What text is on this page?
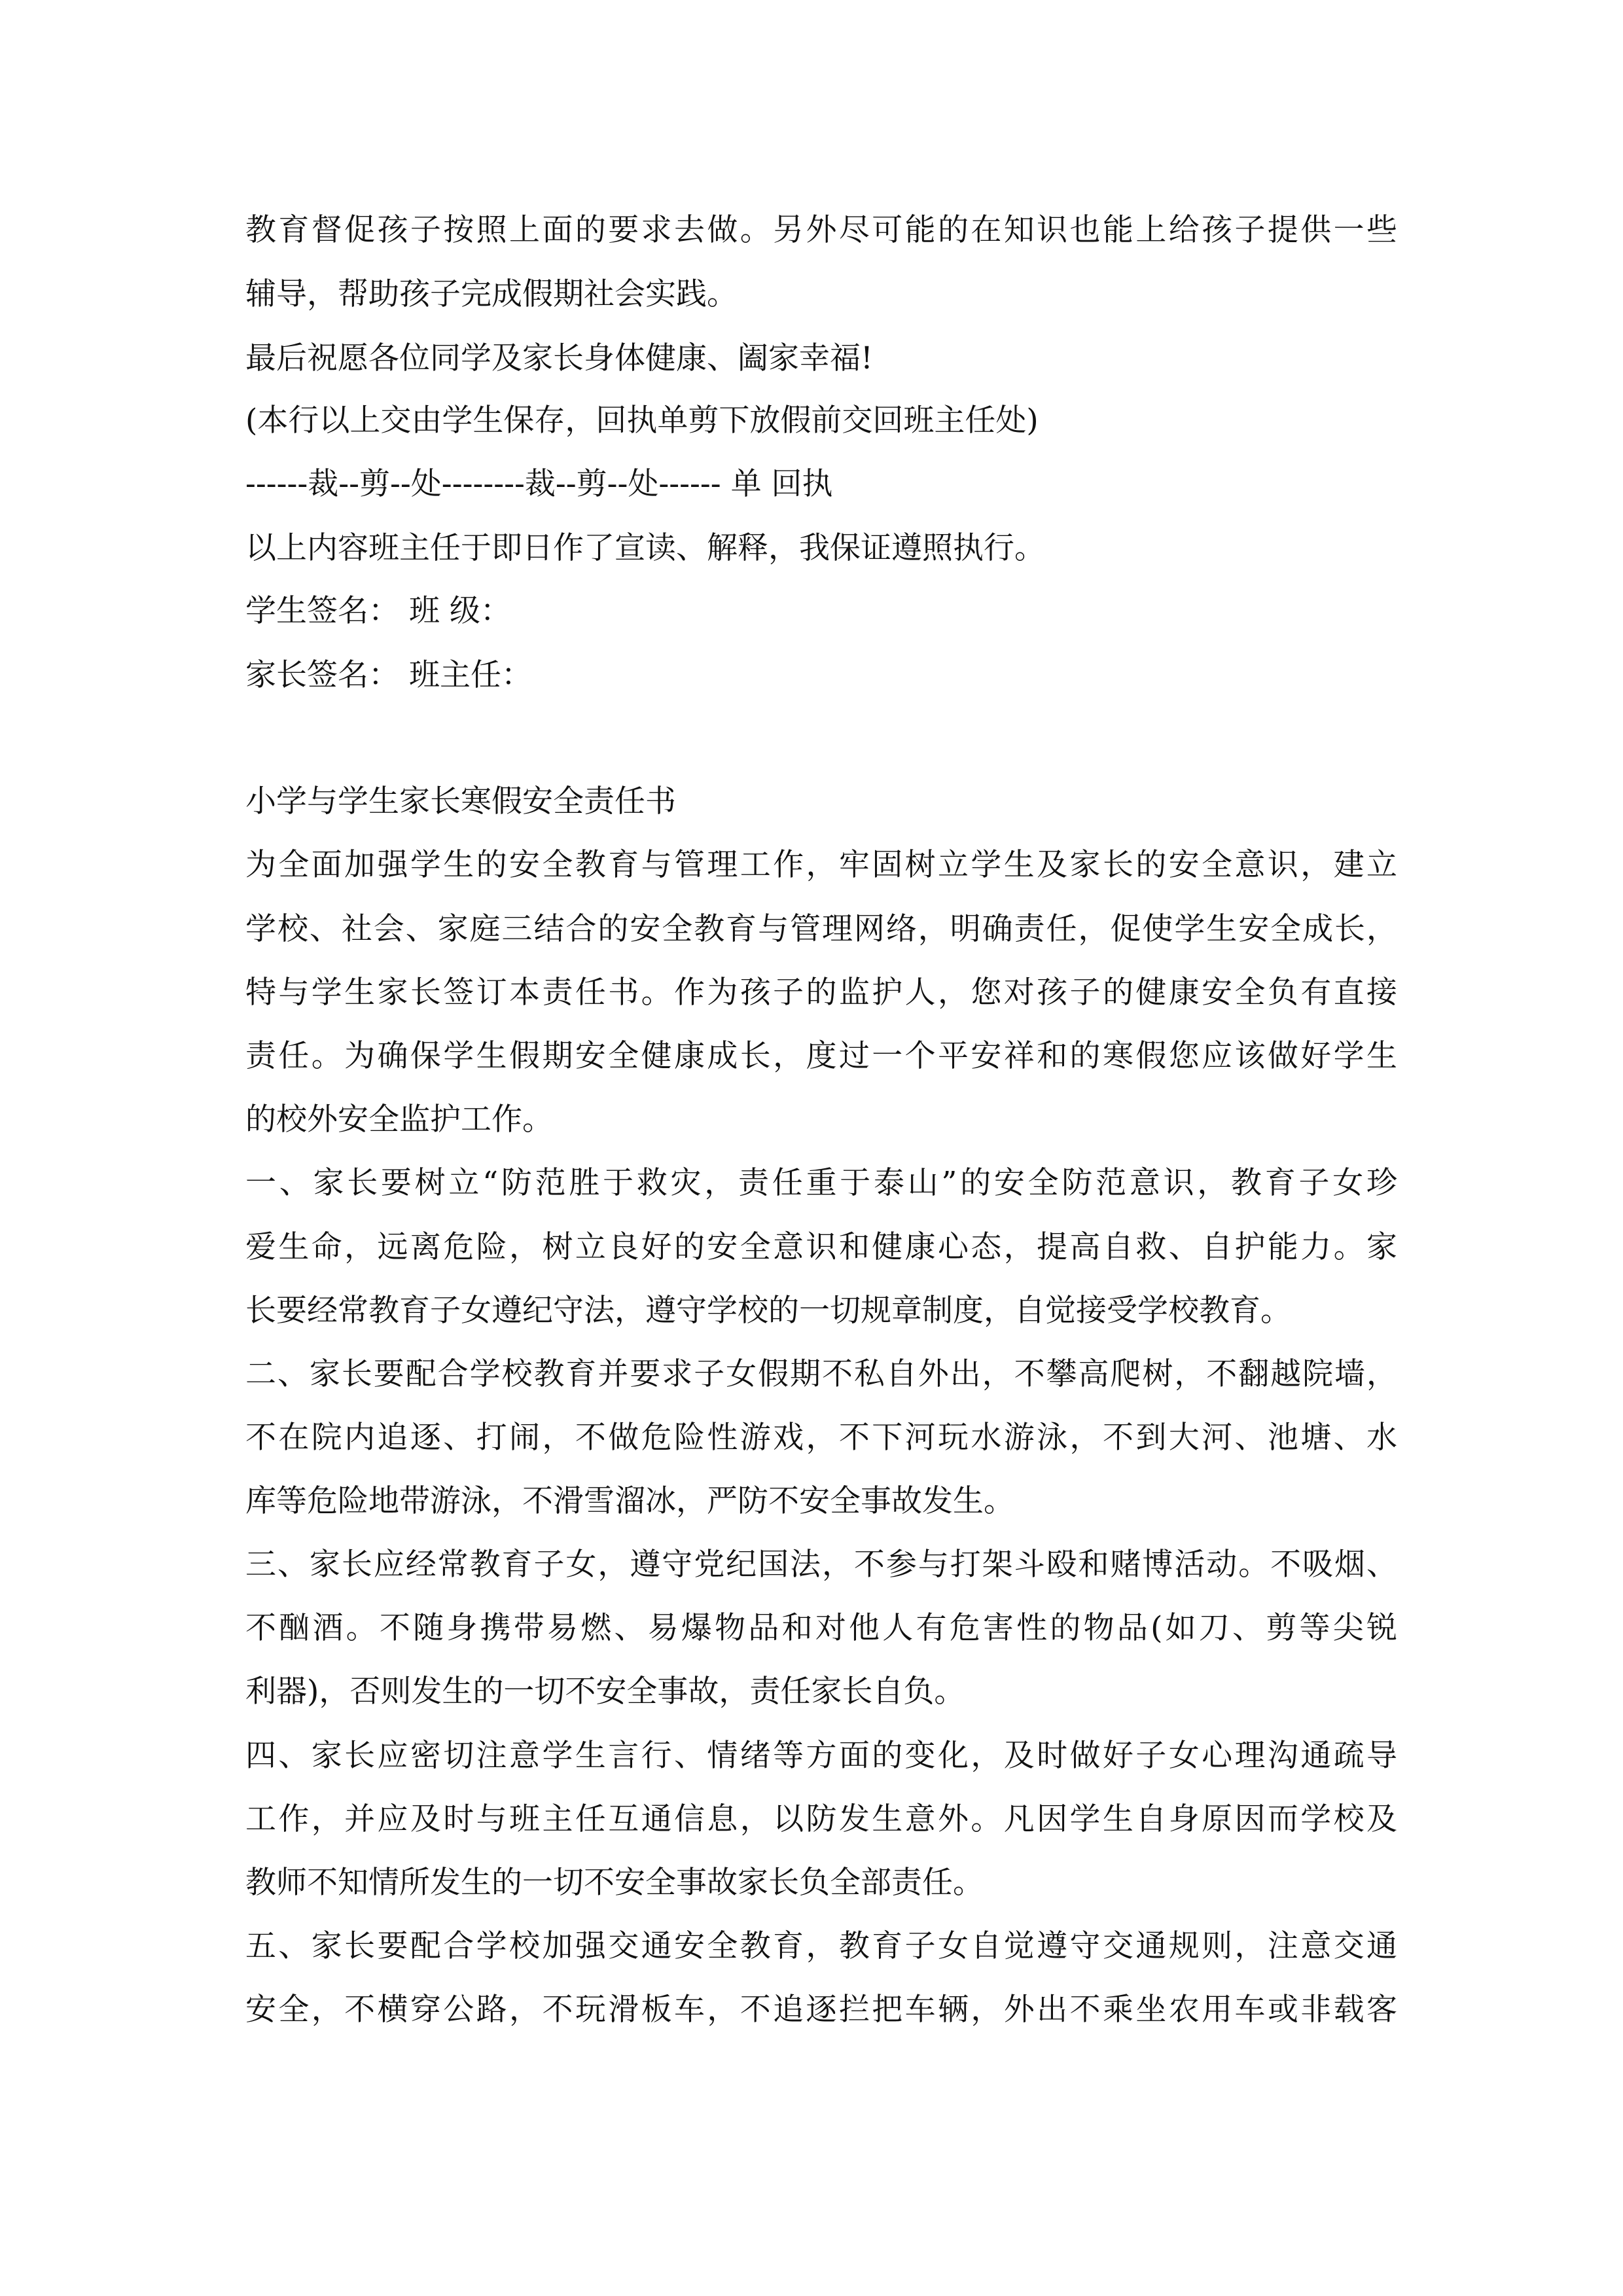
教育督促孩子按照上面的要求去做。另外尽可能的在知识也能上给孩子提供一些
辅导，帮助孩子完成假期社会实践。
最后祝愿各位同学及家长身体健康、阖家幸福!
(本行以上交由学生保存，回执单剪下放假前交回班主任处)
------裁--剪--处--------裁--剪--处------ 单 回执
以上内容班主任于即日作了宣读、解释，我保证遵照执行。
学生签名： 班 级：
家长签名： 班主任：
小学与学生家长寒假安全责任书
为全面加强学生的安全教育与管理工作，牢固树立学生及家长的安全意识，建立
学校、社会、家庭三结合的安全教育与管理网络，明确责任，促使学生安全成长，
特与学生家长签订本责任书。作为孩子的监护人，您对孩子的健康安全负有直接
责任。为确保学生假期安全健康成长，度过一个平安祥和的寒假您应该做好学生
的校外安全监护工作。
一、家长要树立“防范胜于救灾，责任重于泰山”的安全防范意识，教育子女珍
爱生命，远离危险，树立良好的安全意识和健康心态，提高自救、自护能力。家
长要经常教育子女遵纪守法，遵守学校的一切规章制度，自觉接受学校教育。
二、家长要配合学校教育并要求子女假期不私自外出，不攀高爬树，不翻越院墙，
不在院内追逐、打闹，不做危险性游戏，不下河玩水游泳，不到大河、池塘、水
库等危险地带游泳，不滑雪溜冰，严防不安全事故发生。
三、家长应经常教育子女，遵守党纪国法，不参与打架斗殴和赌博活动。不吸烟、
不酗酒。不随身携带易燃、易爆物品和对他人有危害性的物品(如刀、剪等尖锐
利器)，否则发生的一切不安全事故，责任家长自负。
四、家长应密切注意学生言行、情绪等方面的变化，及时做好子女心理沟通疏导
工作，并应及时与班主任互通信息，以防发生意外。凡因学生自身原因而学校及
教师不知情所发生的一切不安全事故家长负全部责任。
五、家长要配合学校加强交通安全教育，教育子女自觉遵守交通规则，注意交通
安全，不横穿公路，不玩滑板车，不追逐拦把车辆，外出不乘坐农用车或非载客
